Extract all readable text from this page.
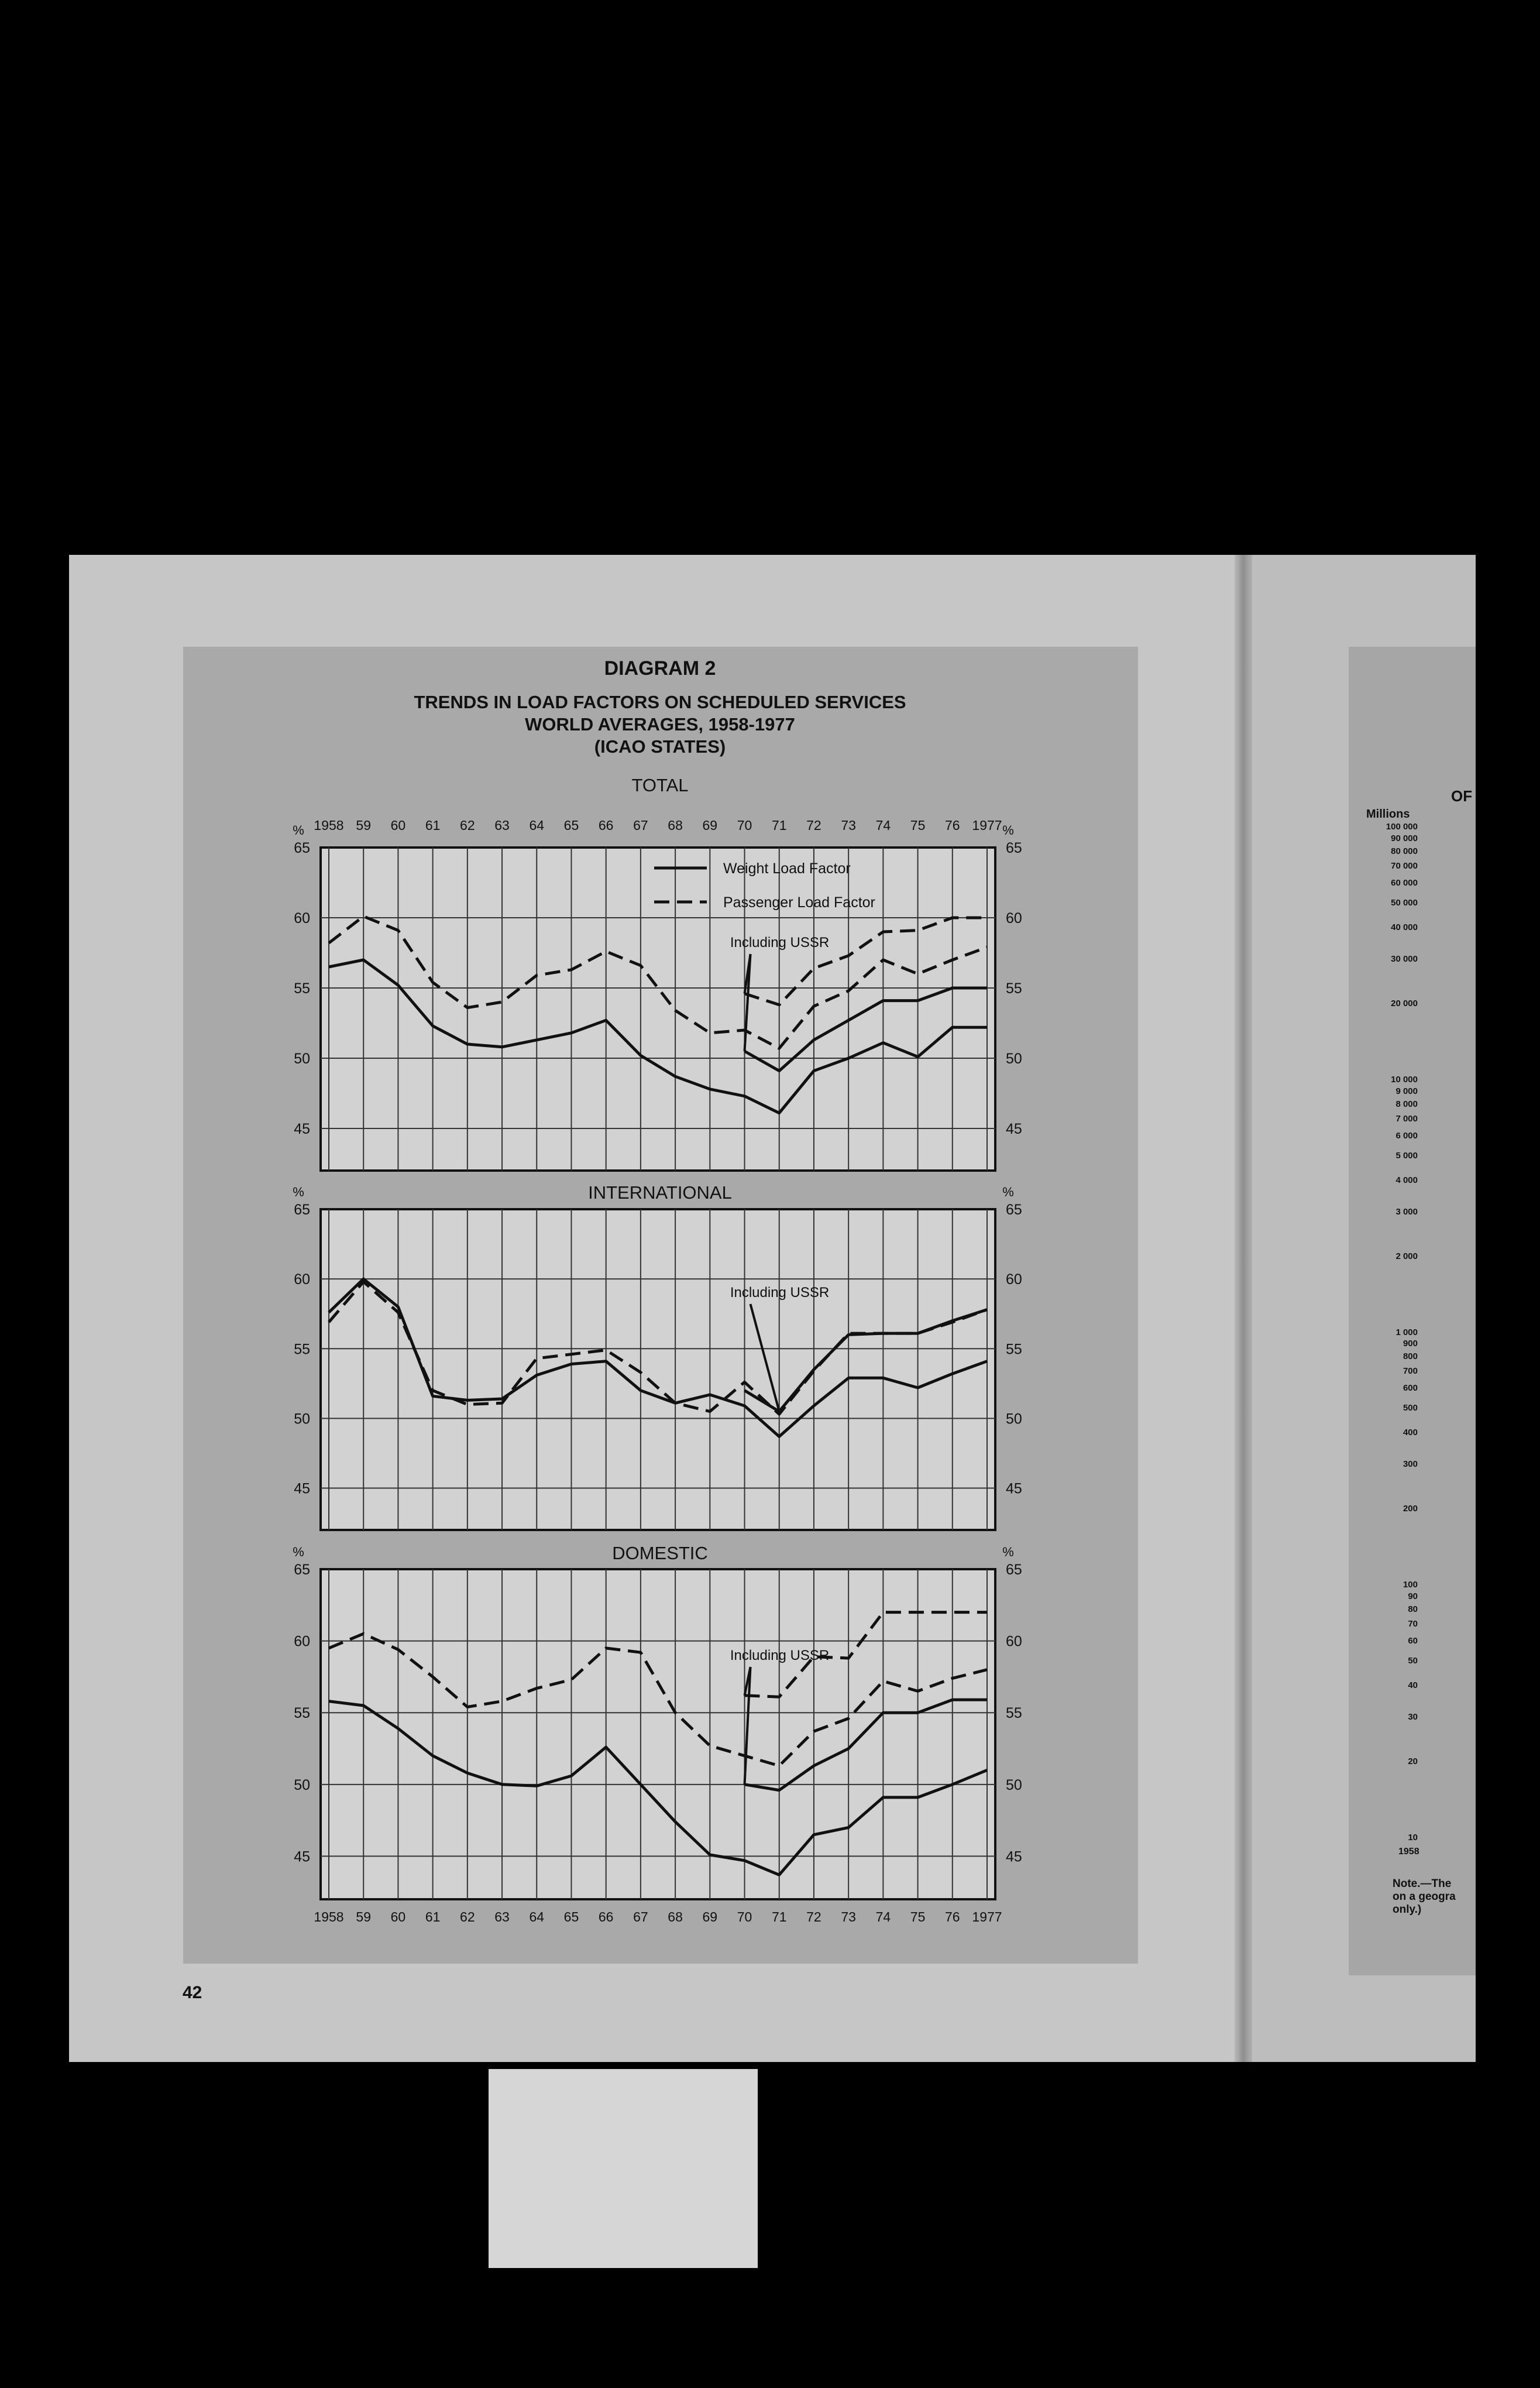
OF
Millions
100 000
90 000
80 000
70 000
60 000
50 000
40 000
30 000
20 000
10 000
9 000
8 000
7 000
6 000
5 000
4 000
3 000
2 000
1 000
900
800
700
600
500
400
300
200
100
90
80
70
60
50
40
30
20
10
1958
Note.—The
on a geogra
only.)
42
DIAGRAM 2
TRENDS IN LOAD FACTORS ON SCHEDULED SERVICES
WORLD AVERAGES, 1958-1977
(ICAO STATES)
TOTAL
45	45
50	50
55	55
60	60
65	65
%	%
Including USSR
INTERNATIONAL
45	45
50	50
55	55
60	60
65	65
%	%
Including USSR
DOMESTIC
45	45
50	50
55	55
60	60
65	65
%	%
Including USSR
Weight Load Factor
Passenger Load Factor
1958
1958
59
59
60
60
61
61
62
62
63
63
64
64
65
65
66
66
67
67
68
68
69
69
70
70
71
71
72
72
73
73
74
74
75
75
76
76
1977
1977
